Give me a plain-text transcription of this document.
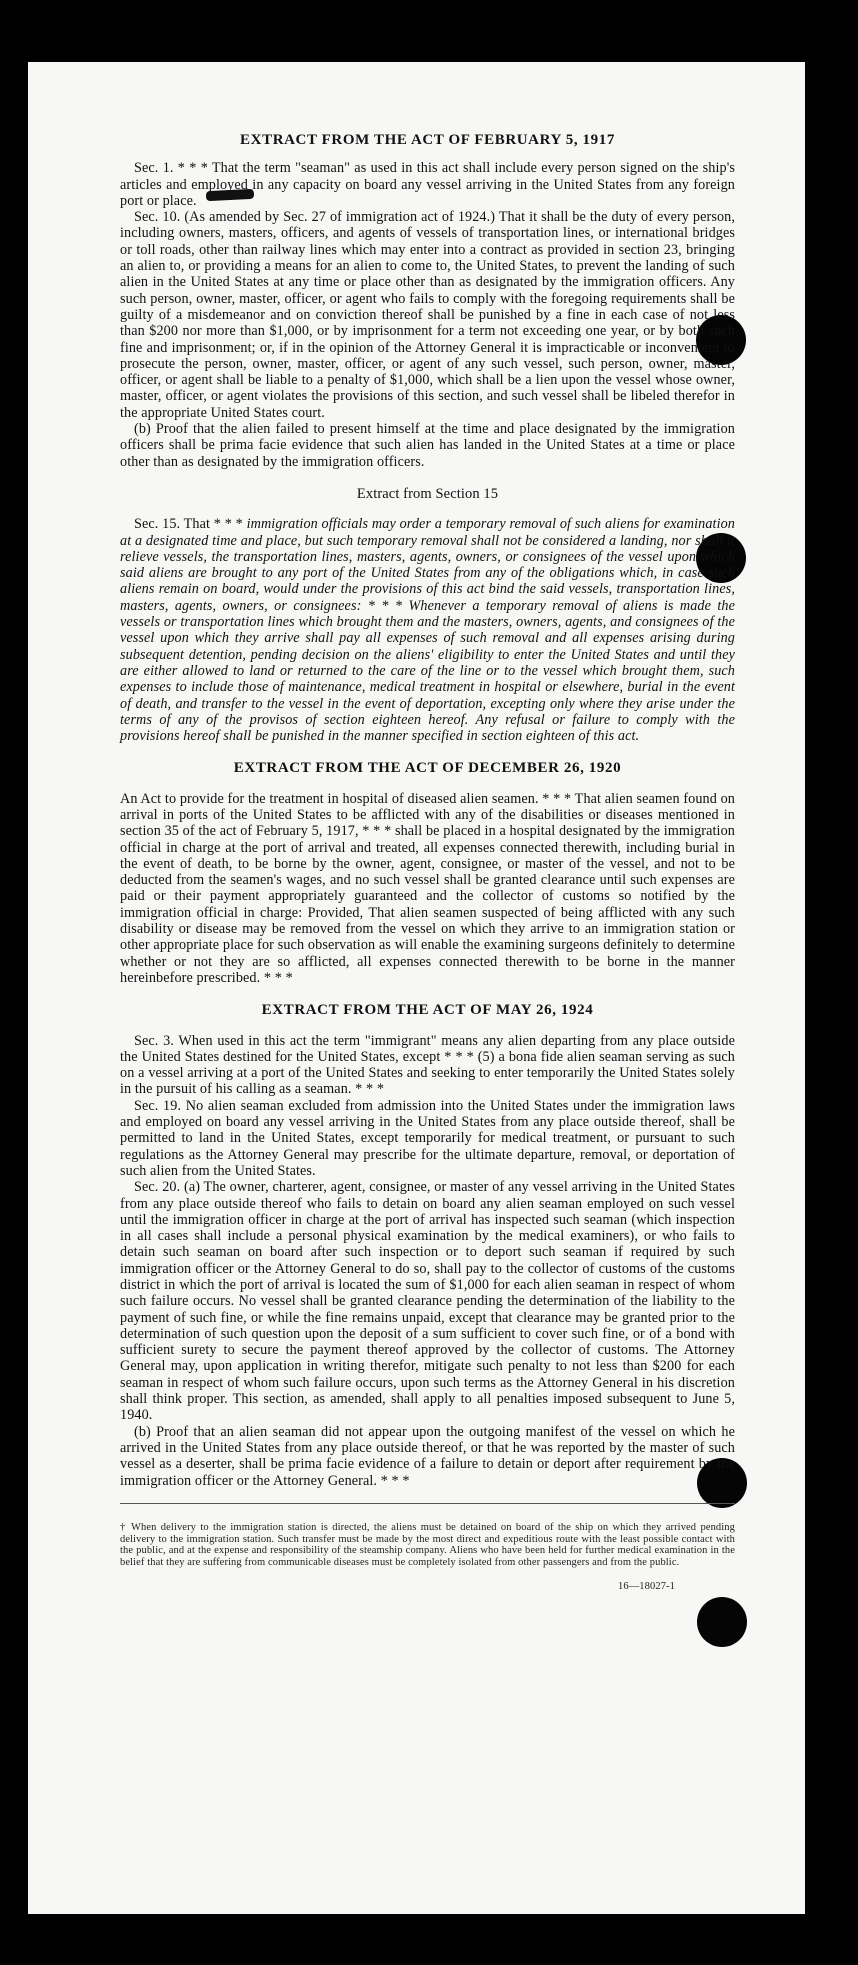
EXTRACT FROM THE ACT OF FEBRUARY 5, 1917

Sec. 1. * * * That the term "seaman" as used in this act shall include every person signed on the ship's articles and employed in any capacity on board any vessel arriving in the United States from any foreign port or place.

Sec. 10. (As amended by Sec. 27 of immigration act of 1924.) That it shall be the duty of every person, including owners, masters, officers, and agents of vessels of transportation lines, or international bridges or toll roads, other than railway lines which may enter into a contract as provided in section 23, bringing an alien to, or providing a means for an alien to come to, the United States, to prevent the landing of such alien in the United States at any time or place other than as designated by the immigration officers. Any such person, owner, master, officer, or agent who fails to comply with the foregoing requirements shall be guilty of a misdemeanor and on conviction thereof shall be punished by a fine in each case of not less than $200 nor more than $1,000, or by imprisonment for a term not exceeding one year, or by both such fine and imprisonment; or, if in the opinion of the Attorney General it is impracticable or inconvenient to prosecute the person, owner, master, officer, or agent of any such vessel, such person, owner, master, officer, or agent shall be liable to a penalty of $1,000, which shall be a lien upon the vessel whose owner, master, officer, or agent violates the provisions of this section, and such vessel shall be libeled therefor in the appropriate United States court.

(b) Proof that the alien failed to present himself at the time and place designated by the immigration officers shall be prima facie evidence that such alien has landed in the United States at a time or place other than as designated by the immigration officers.

Extract from Section 15

Sec. 15. That * * * immigration officials may order a temporary removal of such aliens for examination at a designated time and place, but such temporary removal shall not be considered a landing, nor shall it relieve vessels, the transportation lines, masters, agents, owners, or consignees of the vessel upon which said aliens are brought to any port of the United States from any of the obligations which, in case such aliens remain on board, would under the provisions of this act bind the said vessels, transportation lines, masters, agents, owners, or consignees: * * * Whenever a temporary removal of aliens is made the vessels or transportation lines which brought them and the masters, owners, agents, and consignees of the vessel upon which they arrive shall pay all expenses of such removal and all expenses arising during subsequent detention, pending decision on the aliens' eligibility to enter the United States and until they are either allowed to land or returned to the care of the line or to the vessel which brought them, such expenses to include those of maintenance, medical treatment in hospital or elsewhere, burial in the event of death, and transfer to the vessel in the event of deportation, excepting only where they arise under the terms of any of the provisos of section eighteen hereof. Any refusal or failure to comply with the provisions hereof shall be punished in the manner specified in section eighteen of this act.

EXTRACT FROM THE ACT OF DECEMBER 26, 1920

An Act to provide for the treatment in hospital of diseased alien seamen. * * * That alien seamen found on arrival in ports of the United States to be afflicted with any of the disabilities or diseases mentioned in section 35 of the act of February 5, 1917, * * * shall be placed in a hospital designated by the immigration official in charge at the port of arrival and treated, all expenses connected therewith, including burial in the event of death, to be borne by the owner, agent, consignee, or master of the vessel, and not to be deducted from the seamen's wages, and no such vessel shall be granted clearance until such expenses are paid or their payment appropriately guaranteed and the collector of customs so notified by the immigration official in charge: Provided, That alien seamen suspected of being afflicted with any such disability or disease may be removed from the vessel on which they arrive to an immigration station or other appropriate place for such observation as will enable the examining surgeons definitely to determine whether or not they are so afflicted, all expenses connected therewith to be borne in the manner hereinbefore prescribed. * * *

EXTRACT FROM THE ACT OF MAY 26, 1924

Sec. 3. When used in this act the term "immigrant" means any alien departing from any place outside the United States destined for the United States, except * * * (5) a bona fide alien seaman serving as such on a vessel arriving at a port of the United States and seeking to enter temporarily the United States solely in the pursuit of his calling as a seaman. * * *

Sec. 19. No alien seaman excluded from admission into the United States under the immigration laws and employed on board any vessel arriving in the United States from any place outside thereof, shall be permitted to land in the United States, except temporarily for medical treatment, or pursuant to such regulations as the Attorney General may prescribe for the ultimate departure, removal, or deportation of such alien from the United States.

Sec. 20. (a) The owner, charterer, agent, consignee, or master of any vessel arriving in the United States from any place outside thereof who fails to detain on board any alien seaman employed on such vessel until the immigration officer in charge at the port of arrival has inspected such seaman (which inspection in all cases shall include a personal physical examination by the medical examiners), or who fails to detain such seaman on board after such inspection or to deport such seaman if required by such immigration officer or the Attorney General to do so, shall pay to the collector of customs of the customs district in which the port of arrival is located the sum of $1,000 for each alien seaman in respect of whom such failure occurs. No vessel shall be granted clearance pending the determination of the liability to the payment of such fine, or while the fine remains unpaid, except that clearance may be granted prior to the determination of such question upon the deposit of a sum sufficient to cover such fine, or of a bond with sufficient surety to secure the payment thereof approved by the collector of customs. The Attorney General may, upon application in writing therefor, mitigate such penalty to not less than $200 for each seaman in respect of whom such failure occurs, upon such terms as the Attorney General in his discretion shall think proper. This section, as amended, shall apply to all penalties imposed subsequent to June 5, 1940.

(b) Proof that an alien seaman did not appear upon the outgoing manifest of the vessel on which he arrived in the United States from any place outside thereof, or that he was reported by the master of such vessel as a deserter, shall be prima facie evidence of a failure to detain or deport after requirement by the immigration officer or the Attorney General. * * *

† When delivery to the immigration station is directed, the aliens must be detained on board of the ship on which they arrived pending delivery to the immigration station. Such transfer must be made by the most direct and expeditious route with the least possible contact with the public, and at the expense and responsibility of the steamship company. Aliens who have been held for further medical examination in the belief that they are suffering from communicable diseases must be completely isolated from other passengers and from the public.
16—18027-1
